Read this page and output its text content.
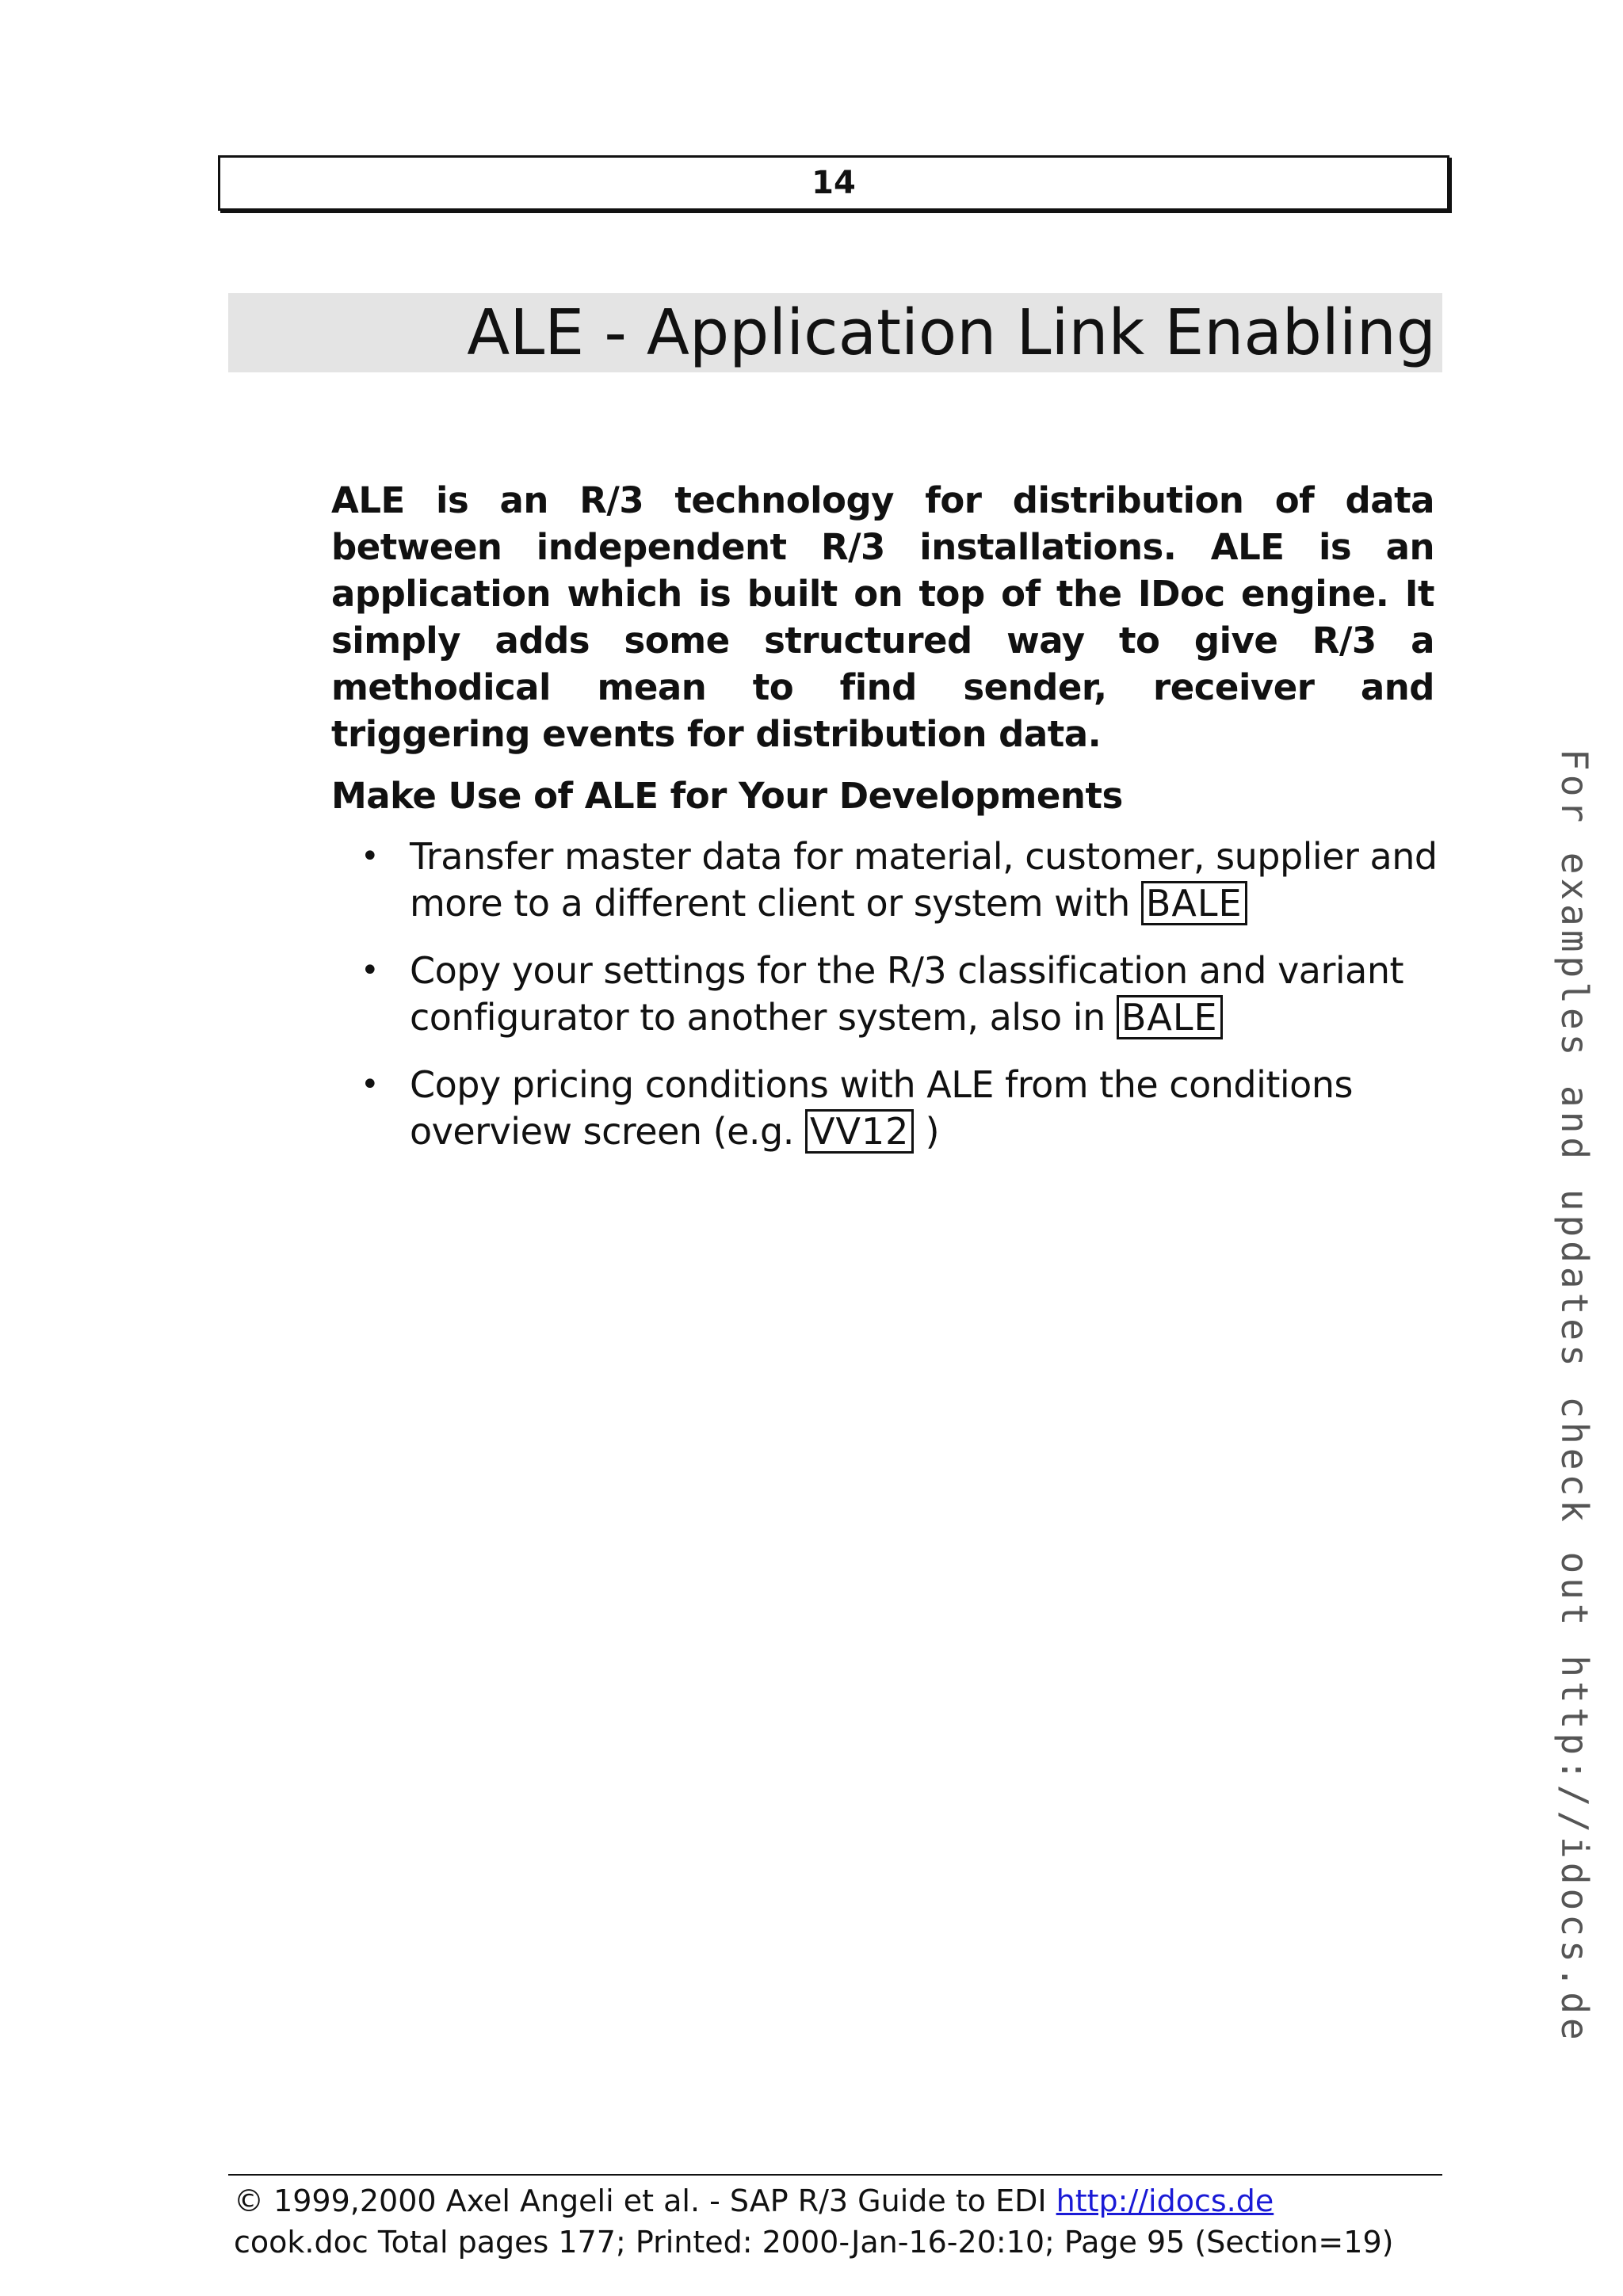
14
ALE - Application Link Enabling

ALE is an R/3 technology for distribution of data between independent R/3 installations. ALE is an application which is built on top of the IDoc engine. It simply adds some structured way to give R/3 a methodical mean to find sender, receiver and triggering events for distribution data.

Make Use of ALE for Your Developments
• Transfer master data for material, customer, supplier and more to a different client or system with BALE
• Copy your settings for the R/3 classification and variant configurator to another system, also in BALE
• Copy pricing conditions with ALE from the conditions overview screen (e.g. VV12 )	For examples and updates check out http://idocs.de
© 1999,2000 Axel Angeli et al. - SAP R/3 Guide to EDI http://idocs.de
cook.doc Total pages 177; Printed: 2000-Jan-16-20:10; Page 95 (Section=19)
